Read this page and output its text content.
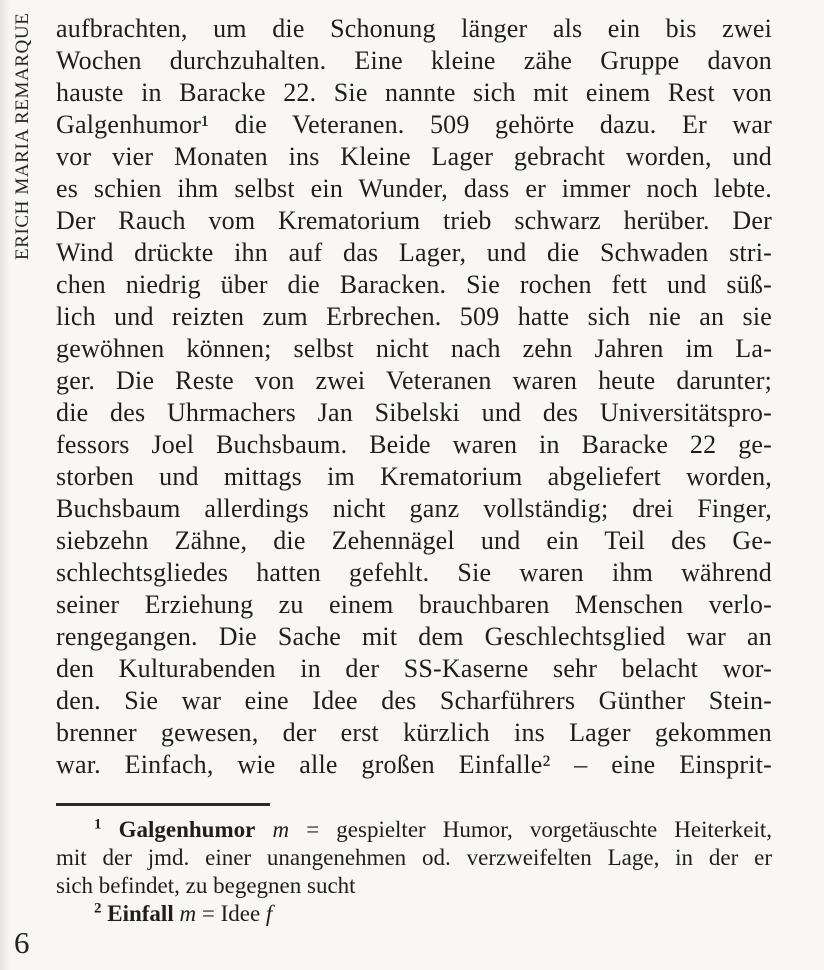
ERICH MARIA REMARQUE aufbrachten, um die Schonung länger als ein bis zwei
Wochen durchzuhalten. Eine kleine zähe Gruppe davon
hauste in Baracke 22. Sie nannte sich mit einem Rest von
Galgenhumor¹ die Veteranen. 509 gehörte dazu. Er war
vor vier Monaten ins Kleine Lager gebracht worden, und
es schien ihm selbst ein Wunder, dass er immer noch lebte.
Der Rauch vom Krematorium trieb schwarz herüber. Der
Wind drückte ihn auf das Lager, und die Schwaden stri-
chen niedrig über die Baracken. Sie rochen fett und süß-
lich und reizten zum Erbrechen. 509 hatte sich nie an sie
gewöhnen können; selbst nicht nach zehn Jahren im La-
ger. Die Reste von zwei Veteranen waren heute darunter;
die des Uhrmachers Jan Sibelski und des Universitätspro-
fessors Joel Buchsbaum. Beide waren in Baracke 22 ge-
storben und mittags im Krematorium abgeliefert worden,
Buchsbaum allerdings nicht ganz vollständig; drei Finger,
siebzehn Zähne, die Zehennägel und ein Teil des Ge-
schlechtsgliedes hatten gefehlt. Sie waren ihm während
seiner Erziehung zu einem brauchbaren Menschen verlo-
rengegangen. Die Sache mit dem Geschlechtsglied war an
den Kulturabenden in der SS-Kaserne sehr belacht wor-
den. Sie war eine Idee des Scharführers Günther Stein-
brenner gewesen, der erst kürzlich ins Lager gekommen
war. Einfach, wie alle großen Einfalle² – eine Einsprit-
$^1$ Galgenhumor m = gespielter Humor, vorgetäuschte Heiterkeit,
mit der jmd. einer unangenehmen od. verzweifelten Lage, in der er
sich befindet, zu begegnen sucht
$^2$ Einfall m = Idee f
6
